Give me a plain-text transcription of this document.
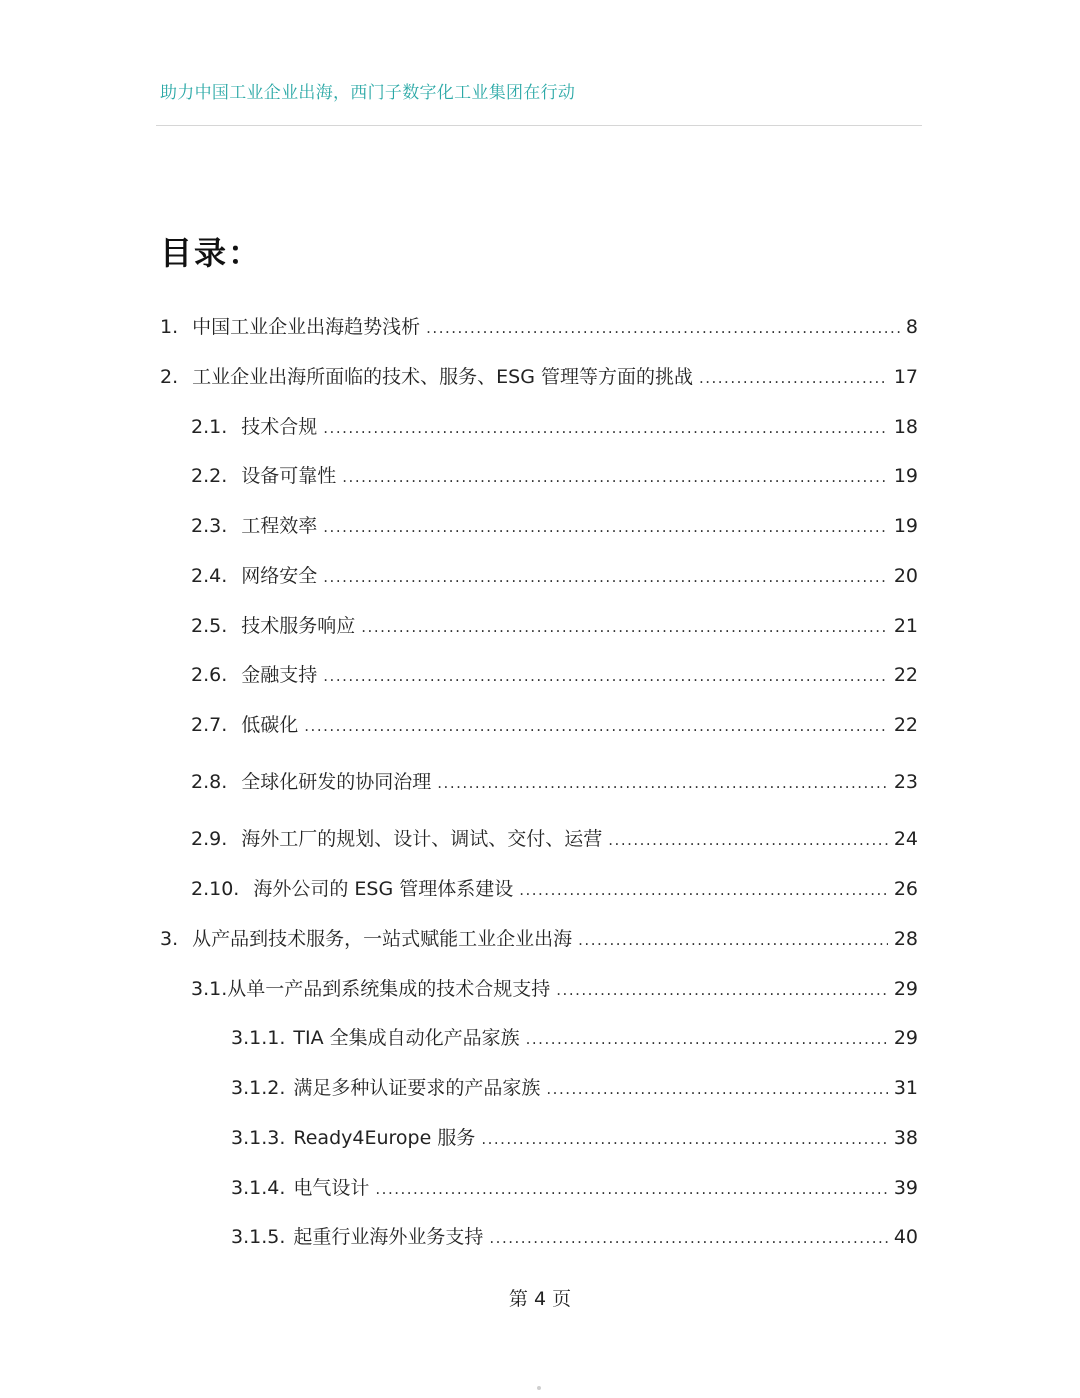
助力中国工业企业出海，西门子数字化工业集团在行动
目录：
1. 中国工业企业出海趋势浅析 .....	8
2. 工业企业出海所面临的技术、服务、ESG 管理等方面的挑战 .....	17
2.1. 技术合规 .....	18
2.2. 设备可靠性 .....	19
2.3. 工程效率 .....	19
2.4. 网络安全 .....	20
2.5. 技术服务响应 .....	21
2.6. 金融支持 .....	22
2.7. 低碳化 .....	22
2.8. 全球化研发的协同治理 .....	23
2.9. 海外工厂的规划、设计、调试、交付、运营 .....	24
2.10. 海外公司的 ESG 管理体系建设 .....	26
3. 从产品到技术服务，一站式赋能工业企业出海 .....	28
3.1. 从单一产品到系统集成的技术合规支持 .....	29
3.1.1. TIA 全集成自动化产品家族 .....	29
3.1.2. 满足多种认证要求的产品家族 .....	31
3.1.3. Ready4Europe 服务 .....	38
3.1.4. 电气设计 .....	39
3.1.5. 起重行业海外业务支持 .....	40
第 4 页
